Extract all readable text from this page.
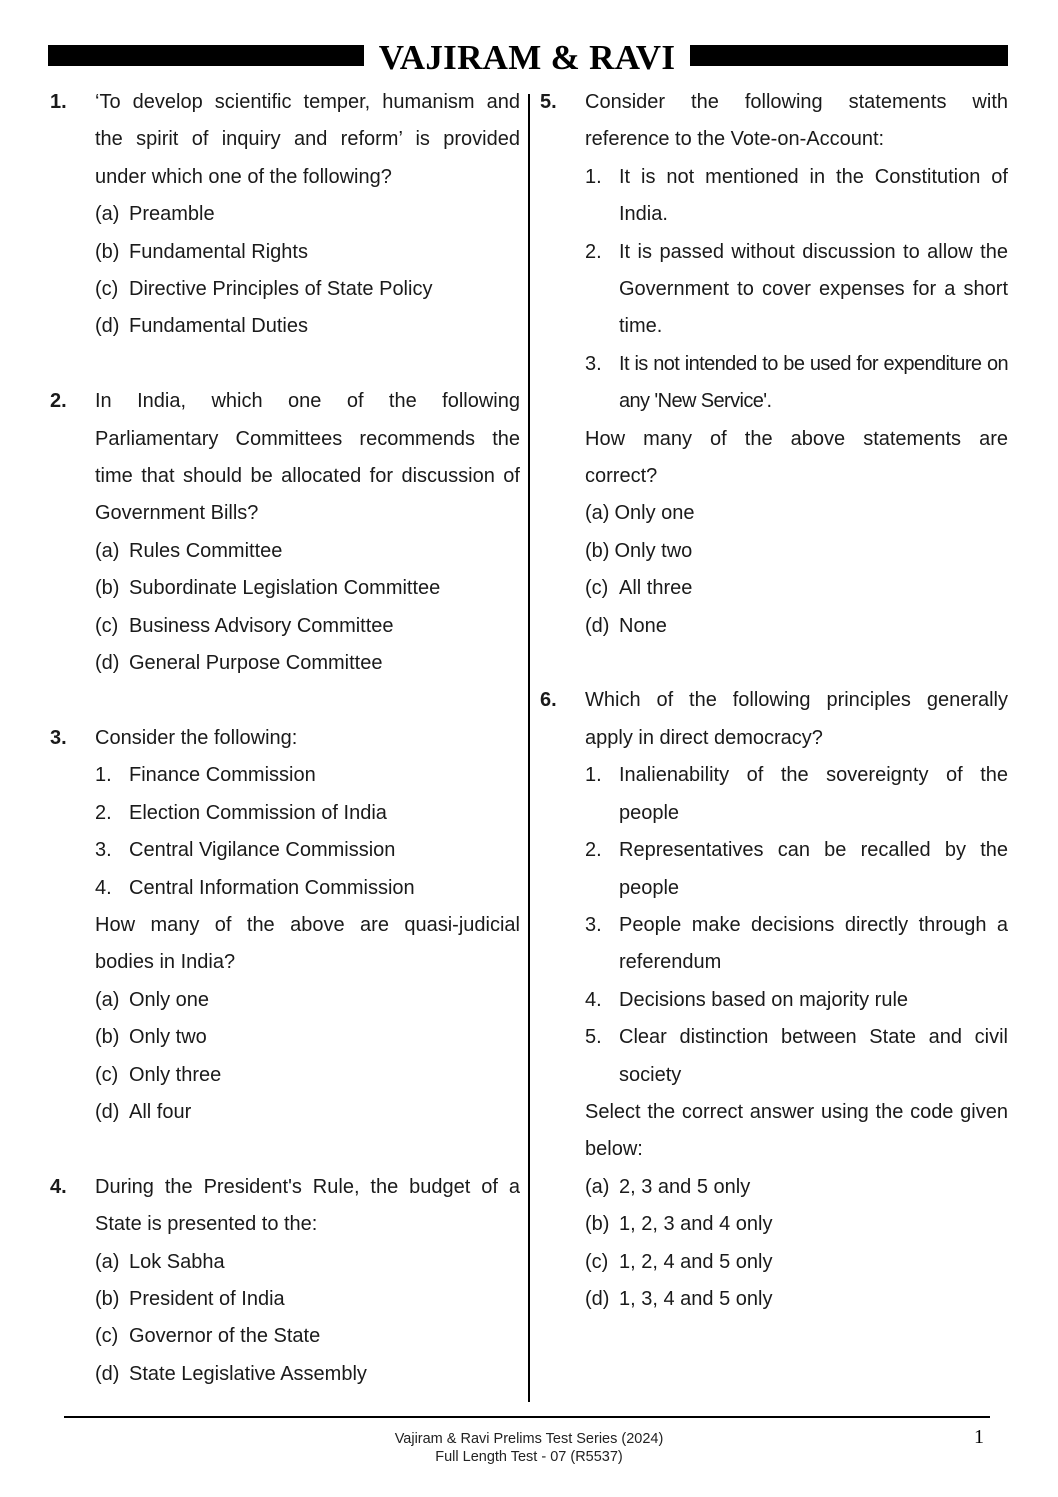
VAJIRAM & RAVI
1. ‘To develop scientific temper, humanism and the spirit of inquiry and reform’ is provided under which one of the following?
(a) Preamble
(b) Fundamental Rights
(c) Directive Principles of State Policy
(d) Fundamental Duties
2. In India, which one of the following Parliamentary Committees recommends the time that should be allocated for discussion of Government Bills?
(a) Rules Committee
(b) Subordinate Legislation Committee
(c) Business Advisory Committee
(d) General Purpose Committee
3. Consider the following:
1. Finance Commission
2. Election Commission of India
3. Central Vigilance Commission
4. Central Information Commission
How many of the above are quasi-judicial bodies in India?
(a) Only one
(b) Only two
(c) Only three
(d) All four
4. During the President's Rule, the budget of a State is presented to the:
(a) Lok Sabha
(b) President of India
(c) Governor of the State
(d) State Legislative Assembly
5. Consider the following statements with reference to the Vote-on-Account:
1. It is not mentioned in the Constitution of India.
2. It is passed without discussion to allow the Government to cover expenses for a short time.
3. It is not intended to be used for expenditure on any 'New Service'.
How many of the above statements are correct?
(a) Only one
(b) Only two
(c) All three
(d) None
6. Which of the following principles generally apply in direct democracy?
1. Inalienability of the sovereignty of the people
2. Representatives can be recalled by the people
3. People make decisions directly through a referendum
4. Decisions based on majority rule
5. Clear distinction between State and civil society
Select the correct answer using the code given below:
(a) 2, 3 and 5 only
(b) 1, 2, 3 and 4 only
(c) 1, 2, 4 and 5 only
(d) 1, 3, 4 and 5 only
Vajiram & Ravi Prelims Test Series (2024)
Full Length Test - 07 (R5537)
1
